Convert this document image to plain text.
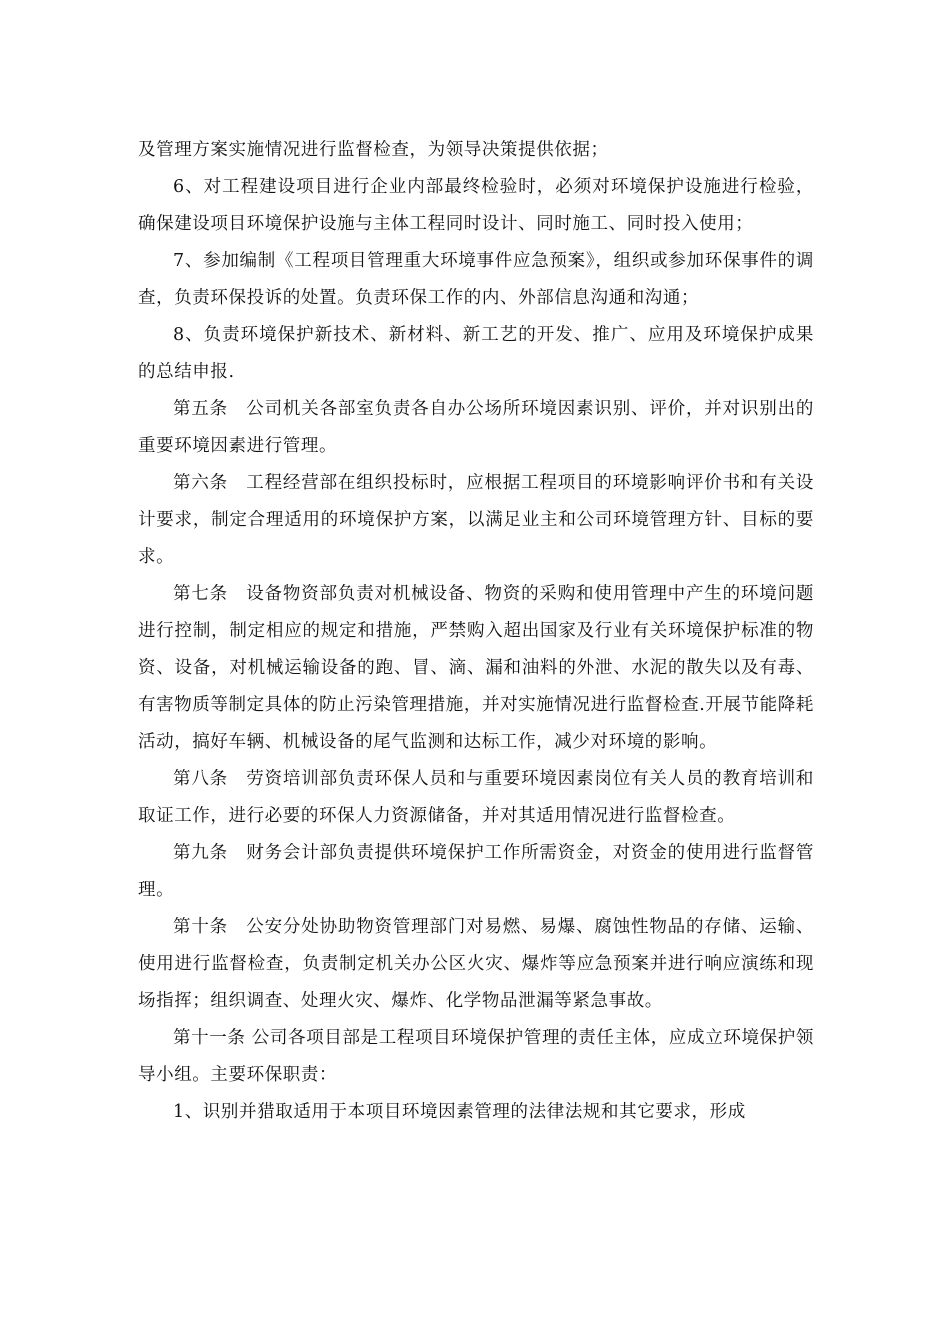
及管理方案实施情况进行监督检查，为领导决策提供依据；

6、对工程建设项目进行企业内部最终检验时，必须对环境保护设施进行检验，确保建设项目环境保护设施与主体工程同时设计、同时施工、同时投入使用；

7、参加编制《工程项目管理重大环境事件应急预案》，组织或参加环保事件的调查，负责环保投诉的处置。负责环保工作的内、外部信息沟通和沟通；

8、负责环境保护新技术、新材料、新工艺的开发、推广、应用及环境保护成果的总结申报.

第五条　公司机关各部室负责各自办公场所环境因素识别、评价，并对识别出的重要环境因素进行管理。

第六条　工程经营部在组织投标时，应根据工程项目的环境影响评价书和有关设计要求，制定合理适用的环境保护方案，以满足业主和公司环境管理方针、目标的要求。

第七条　设备物资部负责对机械设备、物资的采购和使用管理中产生的环境问题进行控制，制定相应的规定和措施，严禁购入超出国家及行业有关环境保护标准的物资、设备，对机械运输设备的跑、冒、滴、漏和油料的外泄、水泥的散失以及有毒、有害物质等制定具体的防止污染管理措施，并对实施情况进行监督检查.开展节能降耗活动，搞好车辆、机械设备的尾气监测和达标工作，减少对环境的影响。

第八条　劳资培训部负责环保人员和与重要环境因素岗位有关人员的教育培训和取证工作，进行必要的环保人力资源储备，并对其适用情况进行监督检查。

第九条　财务会计部负责提供环境保护工作所需资金，对资金的使用进行监督管理。

第十条　公安分处协助物资管理部门对易燃、易爆、腐蚀性物品的存储、运输、使用进行监督检查，负责制定机关办公区火灾、爆炸等应急预案并进行响应演练和现场指挥；组织调查、处理火灾、爆炸、化学物品泄漏等紧急事故。

第十一条 公司各项目部是工程项目环境保护管理的责任主体，应成立环境保护领导小组。主要环保职责：

1、识别并猎取适用于本项目环境因素管理的法律法规和其它要求，形成
